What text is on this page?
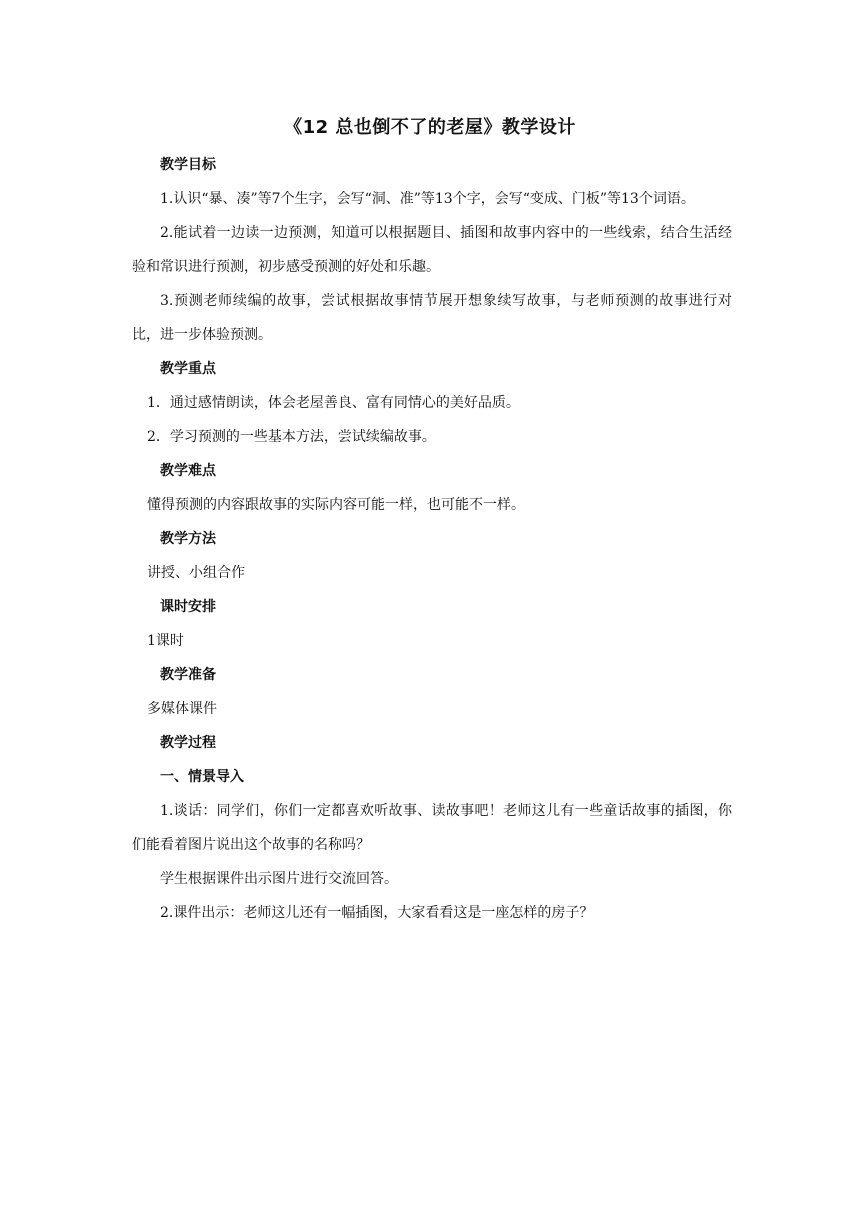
《12 总也倒不了的老屋》教学设计
教学目标

1.认识“暴、凑”等7个生字，会写“洞、准”等13个字，会写“变成、门板”等13个词语。

2.能试着一边读一边预测，知道可以根据题目、插图和故事内容中的一些线索，结合生活经验和常识进行预测，初步感受预测的好处和乐趣。

3.预测老师续编的故事，尝试根据故事情节展开想象续写故事，与老师预测的故事进行对比，进一步体验预测。

教学重点
1．通过感情朗读，体会老屋善良、富有同情心的美好品质。
2．学习预测的一些基本方法，尝试续编故事。
教学难点
懂得预测的内容跟故事的实际内容可能一样，也可能不一样。
教学方法
讲授、小组合作
课时安排
1课时
教学准备
多媒体课件
教学过程
一、情景导入

1.谈话：同学们，你们一定都喜欢听故事、读故事吧！老师这儿有一些童话故事的插图，你们能看着图片说出这个故事的名称吗？

学生根据课件出示图片进行交流回答。

2.课件出示：老师这儿还有一幅插图，大家看看这是一座怎样的房子？
